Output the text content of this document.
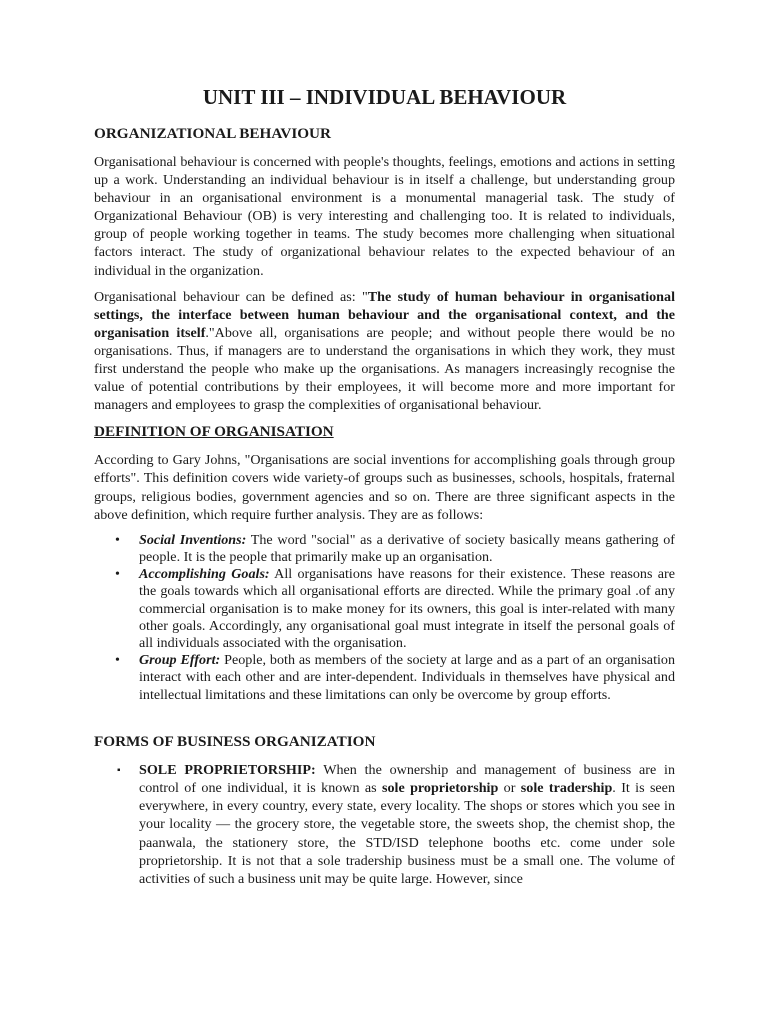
UNIT III – INDIVIDUAL BEHAVIOUR
ORGANIZATIONAL BEHAVIOUR

Organisational behaviour is concerned with people's thoughts, feelings, emotions and actions in setting up a work. Understanding an individual behaviour is in itself a challenge, but understanding group behaviour in an organisational environment is a monumental managerial task. The study of Organizational Behaviour (OB) is very interesting and challenging too. It is related to individuals, group of people working together in teams. The study becomes more challenging when situational factors interact. The study of organizational behaviour relates to the expected behaviour of an individual in the organization.

Organisational behaviour can be defined as: "The study of human behaviour in organisational settings, the interface between human behaviour and the organisational context, and the organisation itself."Above all, organisations are people; and without people there would be no organisations. Thus, if managers are to understand the organisations in which they work, they must first understand the people who make up the organisations. As managers increasingly recognise the value of potential contributions by their employees, it will become more and more important for managers and employees to grasp the complexities of organisational behaviour.

DEFINITION OF ORGANISATION

According to Gary Johns, "Organisations are social inventions for accomplishing goals through group efforts". This definition covers wide variety-of groups such as businesses, schools, hospitals, fraternal groups, religious bodies, government agencies and so on. There are three significant aspects in the above definition, which require further analysis. They are as follows:

• Social Inventions: The word "social" as a derivative of society basically means gathering of people. It is the people that primarily make up an organisation.
• Accomplishing Goals: All organisations have reasons for their existence. These reasons are the goals towards which all organisational efforts are directed. While the primary goal .of any commercial organisation is to make money for its owners, this goal is inter-related with many other goals. Accordingly, any organisational goal must integrate in itself the personal goals of all individuals associated with the organisation.
• Group Effort: People, both as members of the society at large and as a part of an organisation interact with each other and are inter-dependent. Individuals in themselves have physical and intellectual limitations and these limitations can only be overcome by group efforts.
FORMS OF BUSINESS ORGANIZATION
▪ SOLE PROPRIETORSHIP: When the ownership and management of business are in control of one individual, it is known as sole proprietorship or sole tradership. It is seen everywhere, in every country, every state, every locality. The shops or stores which you see in your locality — the grocery store, the vegetable store, the sweets shop, the chemist shop, the paanwala, the stationery store, the STD/ISD telephone booths etc. come under sole proprietorship. It is not that a sole tradership business must be a small one. The volume of activities of such a business unit may be quite large. However, since
